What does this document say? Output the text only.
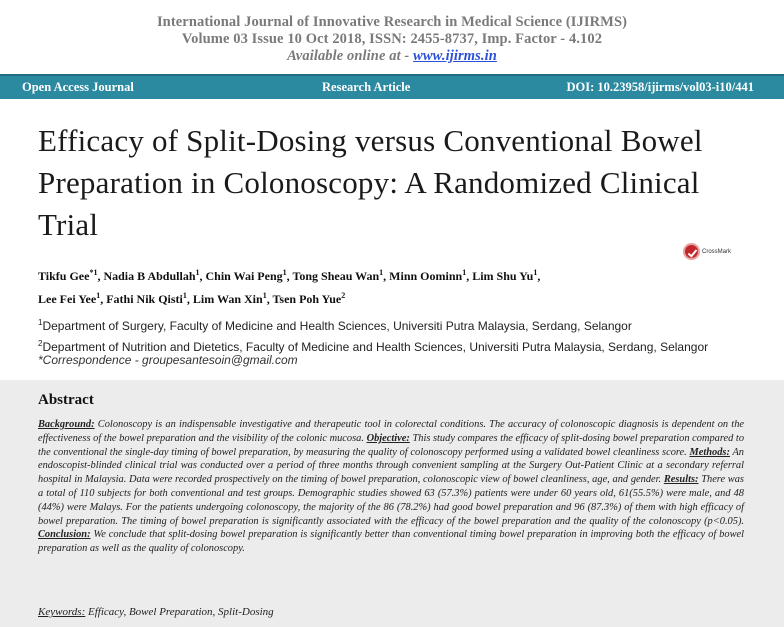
International Journal of Innovative Research in Medical Science (IJIRMS)
Volume 03 Issue 10 Oct 2018, ISSN: 2455-8737, Imp. Factor - 4.102
Available online at - www.ijirms.in
Open Access Journal	Research Article	DOI: 10.23958/ijirms/vol03-i10/441
Efficacy of Split-Dosing versus Conventional Bowel Preparation in Colonoscopy: A Randomized Clinical Trial
CrossMark
Tikfu Gee$^{*1}$, Nadia B Abdullah$^1$, Chin Wai Peng$^1$, Tong Sheau Wan$^1$, Minn Oominn$^1$, Lim Shu Yu$^1$,
Lee Fei Yee$^1$, Fathi Nik Qisti$^1$, Lim Wan Xin$^1$, Tsen Poh Yue$^2$
$^1$Department of Surgery, Faculty of Medicine and Health Sciences, Universiti Putra Malaysia, Serdang, Selangor
$^2$Department of Nutrition and Dietetics, Faculty of Medicine and Health Sciences, Universiti Putra Malaysia, Serdang, Selangor
*Correspondence - groupesantesoin@gmail.com
Abstract
Background: Colonoscopy is an indispensable investigative and therapeutic tool in colorectal conditions. The accuracy of colonoscopic diagnosis is dependent on the effectiveness of the bowel preparation and the visibility of the colonic mucosa. Objective: This study compares the efficacy of split-dosing bowel preparation compared to the conventional the single-day timing of bowel preparation, by measuring the quality of colonoscopy performed using a validated bowel cleanliness score. Methods: An endoscopist-blinded clinical trial was conducted over a period of three months through convenient sampling at the Surgery Out-Patient Clinic at a secondary referral hospital in Malaysia. Data were recorded prospectively on the timing of bowel preparation, colonoscopic view of bowel cleanliness, age, and gender. Results: There was a total of 110 subjects for both conventional and test groups. Demographic studies showed 63 (57.3%) patients were under 60 years old, 61(55.5%) were male, and 48 (44%) were Malays. For the patients undergoing colonoscopy, the majority of the 86 (78.2%) had good bowel preparation and 96 (87.3%) of them with high efficacy of bowel preparation. The timing of bowel preparation is significantly associated with the efficacy of the bowel preparation and the quality of the colonoscopy (p<0.05). Conclusion: We conclude that split-dosing bowel preparation is significantly better than conventional timing bowel preparation in improving both the efficacy of bowel preparation as well as the quality of colonoscopy.
Keywords: Efficacy, Bowel Preparation, Split-Dosing
